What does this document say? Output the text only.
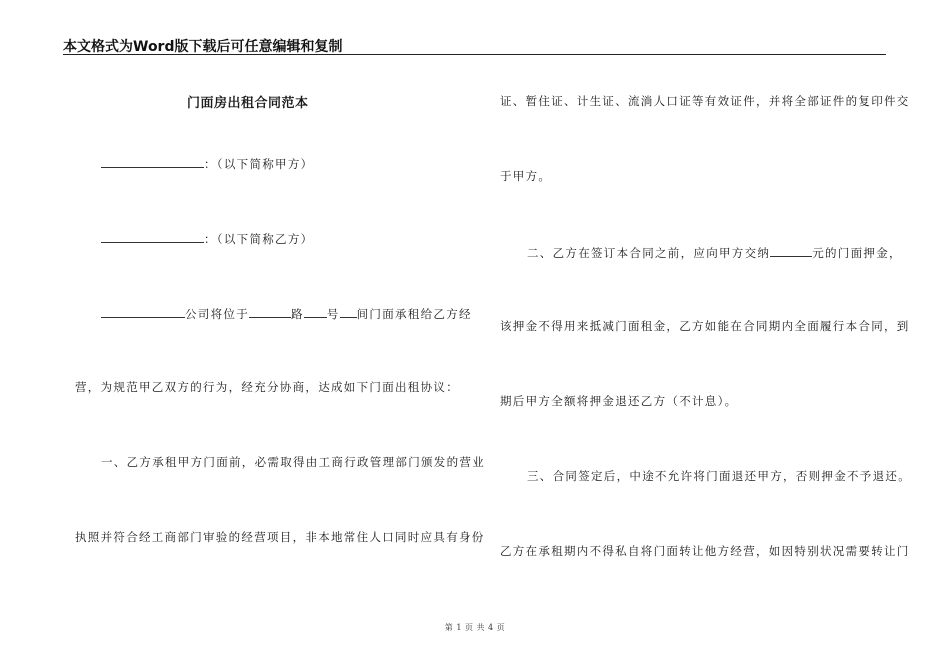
本文格式为Word版下载后可任意编辑和复制
门面房出租合同范本
：（以下简称甲方）
：（以下简称乙方）
公司将位于	路 号 间门面承租给乙方经
营，为规范甲乙双方的行为，经充分协商，达成如下门面出租协议：
一、乙方承租甲方门面前，必需取得由工商行政管理部门颁发的营业
执照并符合经工商部门审验的经营项目，非本地常住人口同时应具有身份
证、暂住证、计生证、流淌人口证等有效证件，并将全部证件的复印件交
于甲方。
二、乙方在签订本合同之前，应向甲方交纳	元的门面押金，
该押金不得用来抵减门面租金，乙方如能在合同期内全面履行本合同，到
期后甲方全额将押金退还乙方（不计息）。
三、合同签定后，中途不允许将门面退还甲方，否则押金不予退还。
乙方在承租期内不得私自将门面转让他方经营，如因特别状况需要转让门
第 1 页 共 4 页
